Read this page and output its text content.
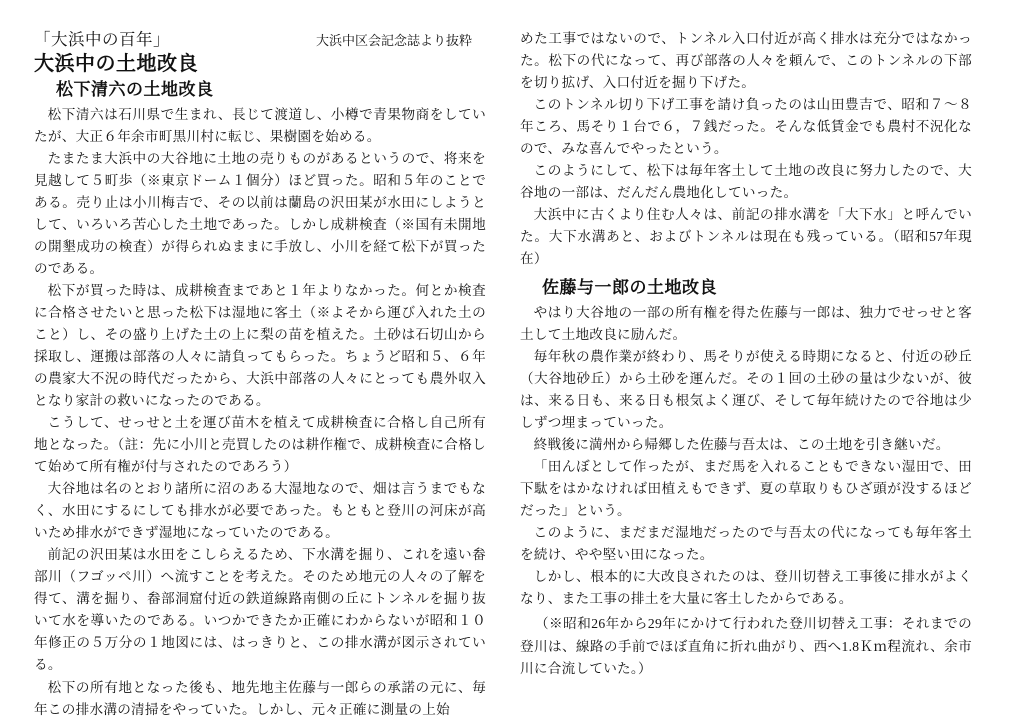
「大浜中の百年」	大浜中区会記念誌より抜粋
大浜中の土地改良
松下清六の土地改良

松下清六は石川県で生まれ、長じて渡道し、小樽で青果物商をしていたが、大正６年余市町黒川村に転じ、果樹園を始める。

たまたま大浜中の大谷地に土地の売りものがあるというので、将来を見越して５町歩（※東京ドーム１個分）ほど買った。昭和５年のことである。売り止は小川梅吉で、その以前は蘭島の沢田某が水田にしようとして、いろいろ苦心した土地であった。しかし成耕検査（※国有未開地の開墾成功の検査）が得られぬままに手放し、小川を経て松下が買ったのである。

松下が買った時は、成耕検査まであと１年よりなかった。何とか検査に合格させたいと思った松下は湿地に客土（※よそから運び入れた土のこと）し、その盛り上げた土の上に梨の苗を植えた。土砂は石切山から採取し、運搬は部落の人々に請負ってもらった。ちょうど昭和５、６年の農家大不況の時代だったから、大浜中部落の人々にとっても農外収入となり家計の救いになったのである。

こうして、せっせと土を運び苗木を植えて成耕検査に合格し自己所有地となった。（註：先に小川と売買したのは耕作権で、成耕検査に合格して始めて所有権が付与されたのであろう）

大谷地は名のとおり諸所に沼のある大湿地なので、畑は言うまでもなく、水田にするにしても排水が必要であった。もともと登川の河床が高いため排水ができず湿地になっていたのである。

前記の沢田某は水田をこしらえるため、下水溝を掘り、これを遠い畚部川（フゴッペ川）へ流すことを考えた。そのため地元の人々の了解を得て、溝を掘り、畚部洞窟付近の鉄道線路南側の丘にトンネルを掘り抜いて水を導いたのである。いつかできたか正確にわからないが昭和１０年修正の５万分の１地図には、はっきりと、この排水溝が図示されている。

松下の所有地となった後も、地先地主佐藤与一郎らの承諾の元に、毎年この排水溝の清掃をやっていた。しかし、元々正確に測量の上始

めた工事ではないので、トンネル入口付近が高く排水は充分ではなかった。松下の代になって、再び部落の人々を頼んで、このトンネルの下部を切り拡げ、入口付近を掘り下げた。

このトンネル切り下げ工事を請け負ったのは山田豊吉で、昭和７～８年ころ、馬そり１台で６，７銭だった。そんな低賃金でも農村不況化なので、みな喜んでやったという。

このようにして、松下は毎年客土して土地の改良に努力したので、大谷地の一部は、だんだん農地化していった。

大浜中に古くより住む人々は、前記の排水溝を「大下水」と呼んでいた。大下水溝あと、およびトンネルは現在も残っている。（昭和57年現在）

佐藤与一郎の土地改良

やはり大谷地の一部の所有権を得た佐藤与一郎は、独力でせっせと客土して土地改良に励んだ。

毎年秋の農作業が終わり、馬そりが使える時期になると、付近の砂丘（大谷地砂丘）から土砂を運んだ。その１回の土砂の量は少ないが、彼は、来る日も、来る日も根気よく運び、そして毎年続けたので谷地は少しずつ埋まっていった。

終戦後に満州から帰郷した佐藤与吾太は、この土地を引き継いだ。

「田んぼとして作ったが、まだ馬を入れることもできない湿田で、田下駄をはかなければ田植えもできず、夏の草取りもひざ頭が没するほどだった」という。

このように、まだまだ湿地だったので与吾太の代になっても毎年客土を続け、やや堅い田になった。

しかし、根本的に大改良されたのは、登川切替え工事後に排水がよくなり、また工事の排土を大量に客土したからである。

（※昭和26年から29年にかけて行われた登川切替え工事：それまでの登川は、線路の手前でほぼ直角に折れ曲がり、西へ1.8Ｋｍ程流れ、余市川に合流していた。）
